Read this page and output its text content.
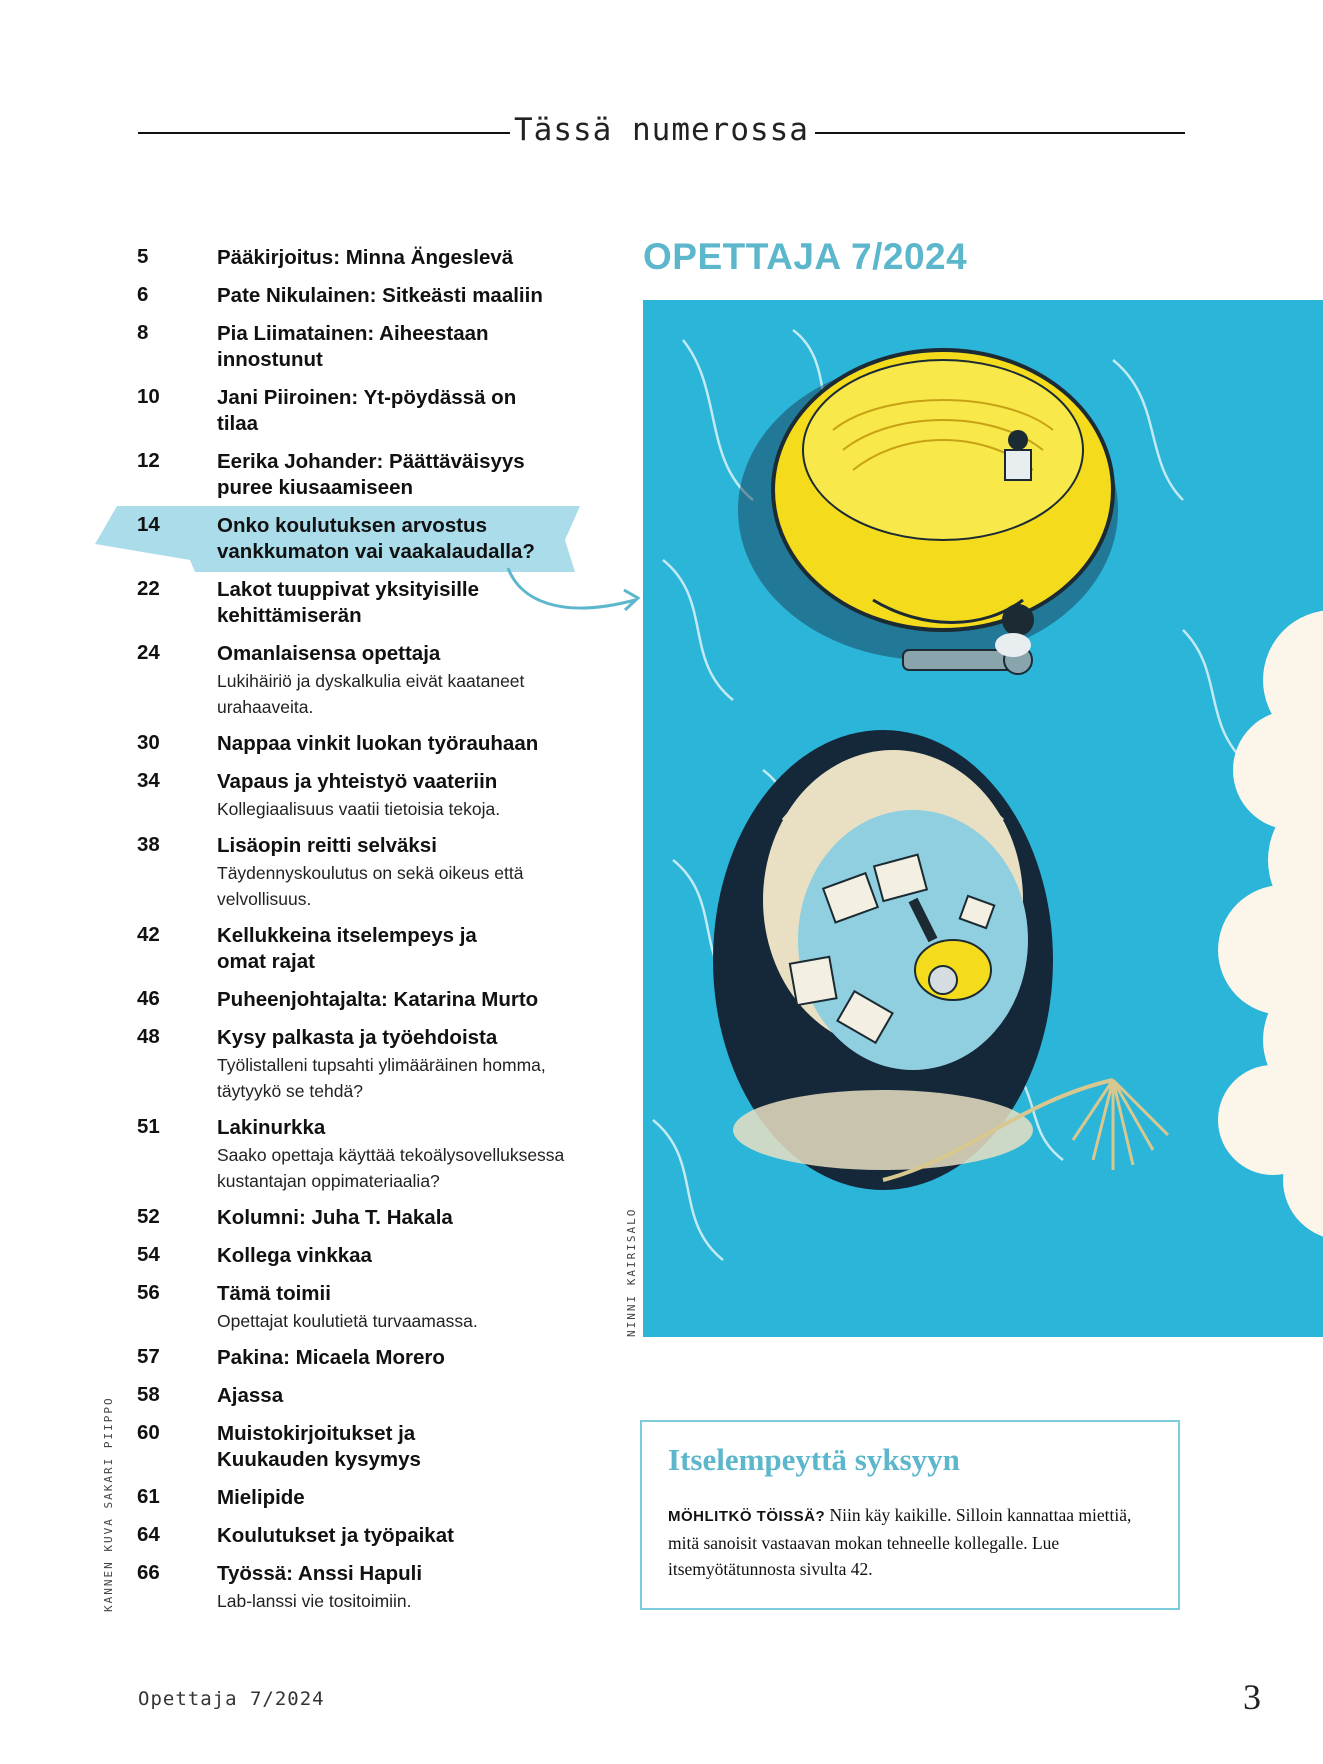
Tässä numerossa
5	Pääkirjoitus: Minna Ängeslevä
6	Pate Nikulainen: Sitkeästi maaliin
8	Pia Liimatainen: Aiheestaan innostunut
10	Jani Piiroinen: Yt-pöydässä on tilaa
12	Eerika Johander: Päättäväisyys puree kiusaamiseen
14	Onko koulutuksen arvostus vankkumaton vai vaakalaudalla?
22	Lakot tuuppivat yksityisille kehittämiserän
24	Omanlaisensa opettaja
Lukihäiriö ja dyskalkulia eivät kaataneet urahaaveita.
30	Nappaa vinkit luokan työrauhaan
34	Vapaus ja yhteistyö vaateriin
Kollegiaalisuus vaatii tietoisia tekoja.
38	Lisäopin reitti selväksi
Täydennyskoulutus on sekä oikeus että velvollisuus.
42	Kellukkeina itselempeys ja omat rajat
46	Puheenjohtajalta: Katarina Murto
48	Kysy palkasta ja työehdoista
Työlistalleni tupsahti ylimääräinen homma, täytyykö se tehdä?
51	Lakinurkka
Saako opettaja käyttää tekoälysovelluksessa kustantajan oppimateriaalia?
52	Kolumni: Juha T. Hakala
54	Kollega vinkkaa
56	Tämä toimii
Opettajat koulutietä turvaamassa.
57	Pakina: Micaela Morero
58	Ajassa
60	Muistokirjoitukset ja Kuukauden kysymys
61	Mielipide
64	Koulutukset ja työpaikat
66	Työssä: Anssi Hapuli
Lab-lanssi vie tositoimiin.
KANNEN KUVA SAKARI PIIPPO
OPETTAJA 7/2024
NINNI KAIRISALO
Itselempeyttä syksyyn
MÖHLITKÖ TÖISSÄ? Niin käy kaikille. Silloin kannattaa miettiä, mitä sanoisit vastaavan mokan tehneelle kollegalle. Lue itsemyötätunnosta sivulta 42.
Opettaja 7/2024	3
